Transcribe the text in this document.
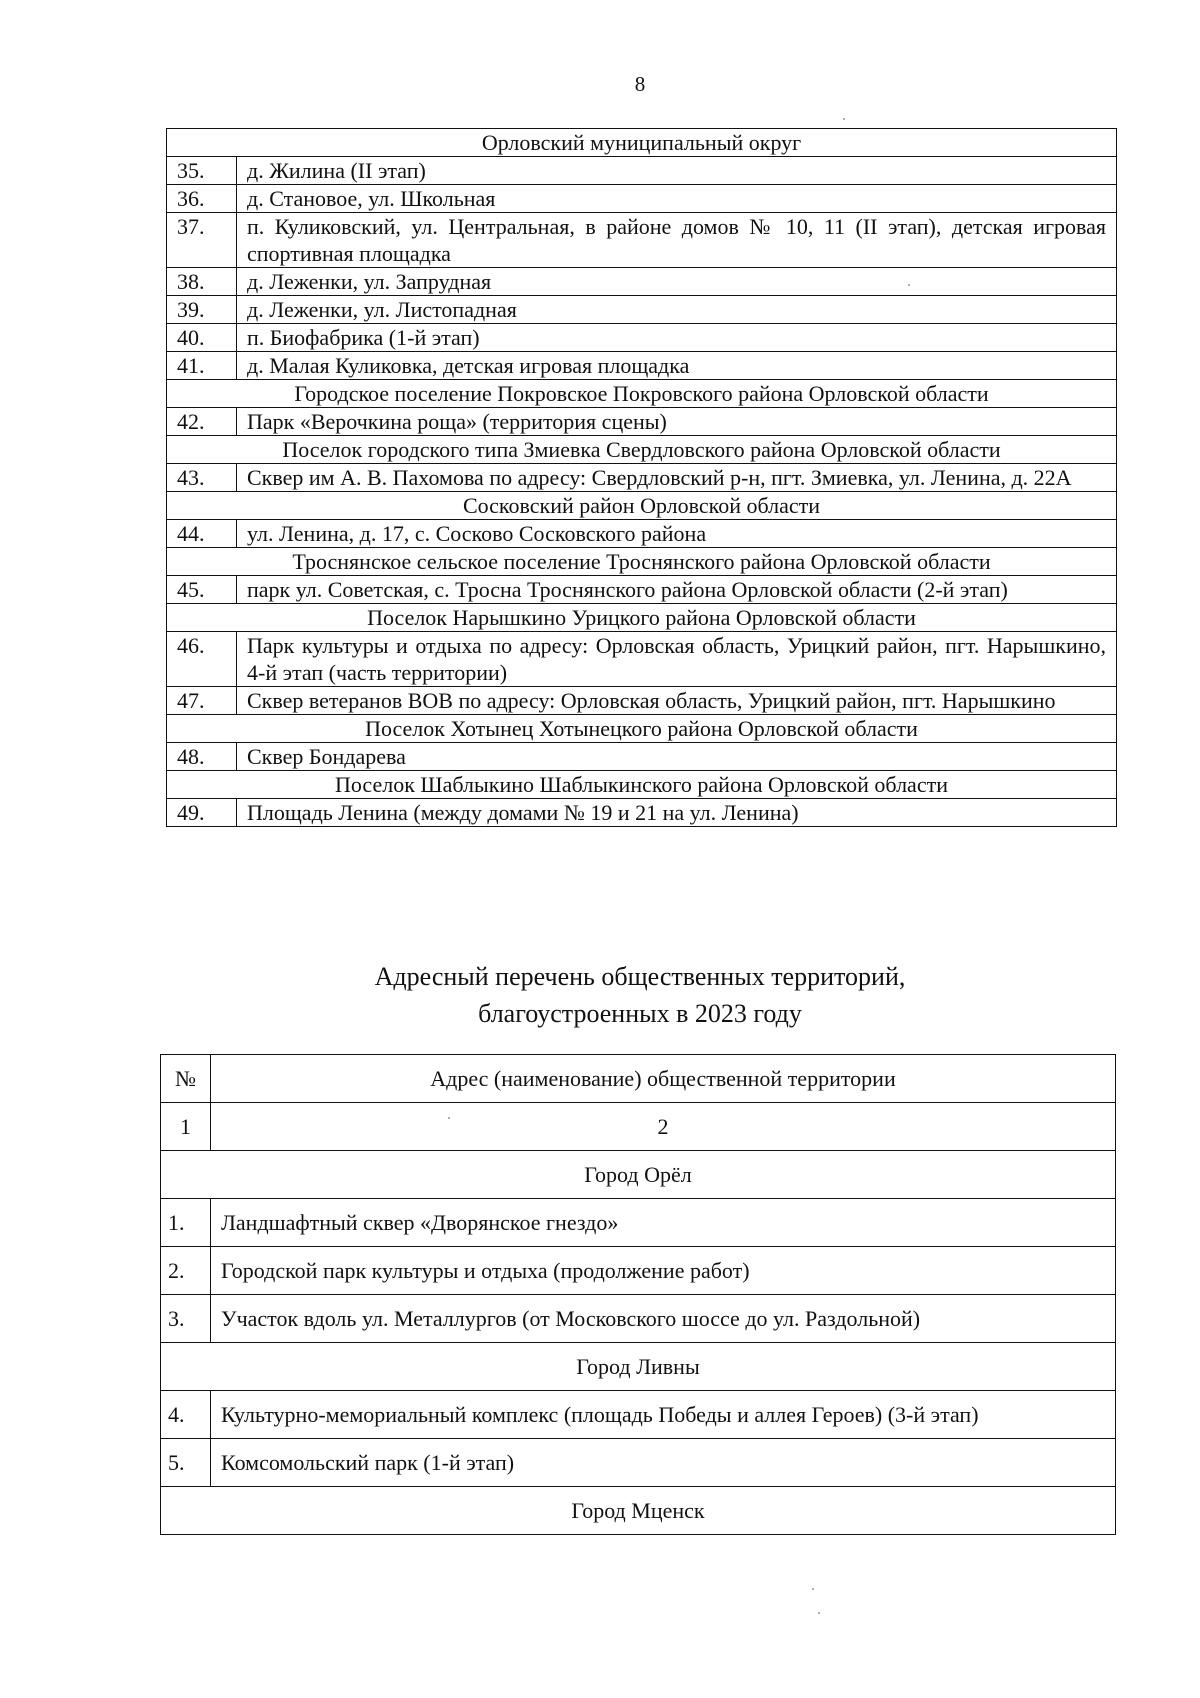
8
Орловский муниципальный округ	
35.	д. Жилина (II этап)
36.	д. Становое, ул. Школьная
37.	п. Куликовский, ул. Центральная, в районе домов № 10, 11 (II этап), детская игровая спортивная площадка
38.	д. Леженки, ул. Запрудная
39.	д. Леженки, ул. Листопадная
40.	п. Биофабрика (1-й этап)
41.	д. Малая Куликовка, детская игровая площадка
Городское поселение Покровское Покровского района Орловской области	
42.	Парк «Верочкина роща» (территория сцены)
Поселок городского типа Змиевка Свердловского района Орловской области	
43.	Сквер им А. В. Пахомова по адресу: Свердловский р-н, пгт. Змиевка, ул. Ленина, д. 22А
Сосковский район Орловской области	
44.	ул. Ленина, д. 17, с. Сосково Сосковского района
Троснянское сельское поселение Троснянского района Орловской области	
45.	парк ул. Советская, с. Тросна Троснянского района Орловской области (2-й этап)
Поселок Нарышкино Урицкого района Орловской области	
46.	Парк культуры и отдыха по адресу: Орловская область, Урицкий район, пгт. Нарышкино, 4-й этап (часть территории)
47.	Сквер ветеранов ВОВ по адресу: Орловская область, Урицкий район, пгт. Нарышкино
Поселок Хотынец Хотынецкого района Орловской области	
48.	Сквер Бондарева
Поселок Шаблыкино Шаблыкинского района Орловской области	
49.	Площадь Ленина (между домами № 19 и 21 на ул. Ленина)
Адресный перечень общественных территорий,
благоустроенных в 2023 году
№	Адрес (наименование) общественной территории
1	2
Город Орёл	
1.	Ландшафтный сквер «Дворянское гнездо»
2.	Городской парк культуры и отдыха (продолжение работ)
3.	Участок вдоль ул. Металлургов (от Московского шоссе до ул. Раздольной)
Город Ливны	
4.	Культурно-мемориальный комплекс (площадь Победы и аллея Героев) (3-й этап)
5.	Комсомольский парк (1-й этап)
Город Мценск	
